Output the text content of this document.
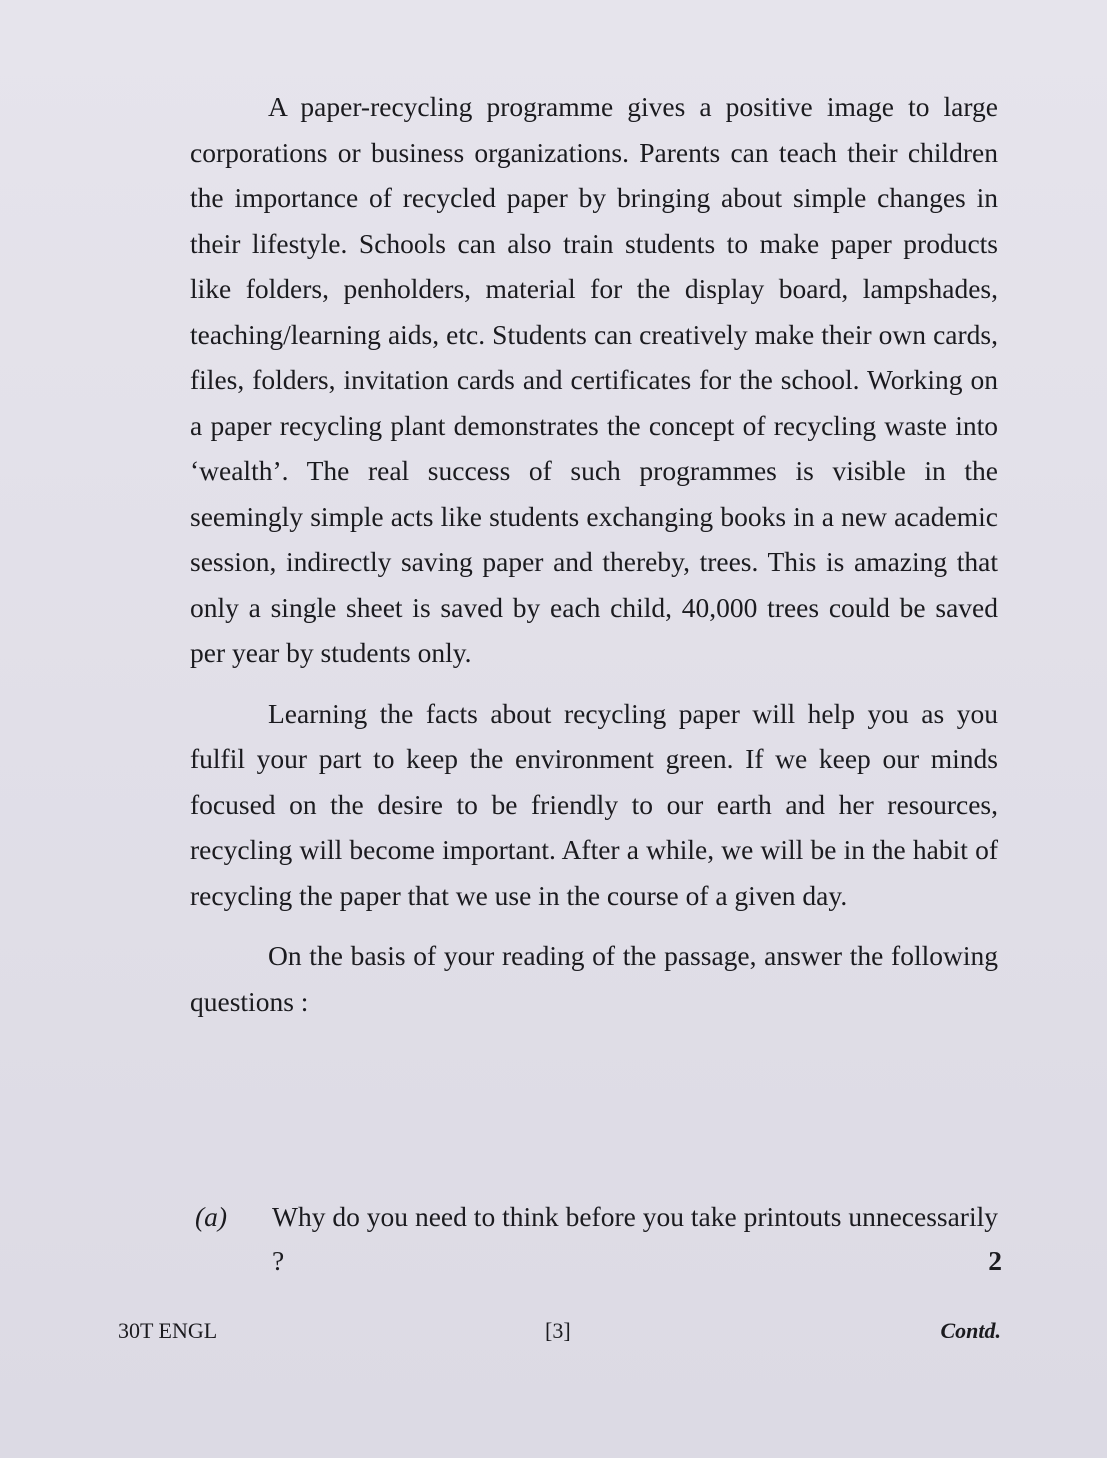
A paper-recycling programme gives a positive image to large corporations or business organizations. Parents can teach their children the importance of recycled paper by bringing about simple changes in their lifestyle. Schools can also train students to make paper products like folders, penholders, material for the display board, lampshades, teaching/learning aids, etc. Students can creatively make their own cards, files, folders, invitation cards and certificates for the school. Working on a paper recycling plant demonstrates the concept of recycling waste into ‘wealth’. The real success of such programmes is visible in the seemingly simple acts like students exchanging books in a new academic session, indirectly saving paper and thereby, trees. This is amazing that only a single sheet is saved by each child, 40,000 trees could be saved per year by students only.

Learning the facts about recycling paper will help you as you fulfil your part to keep the environment green. If we keep our minds focused on the desire to be friendly to our earth and her resources, recycling will become important. After a while, we will be in the habit of recycling the paper that we use in the course of a given day.

On the basis of your reading of the passage, answer the following questions :

(a) Why do you need to think before you take printouts unnecessarily ?	2
30T ENGL	[3]	Contd.
